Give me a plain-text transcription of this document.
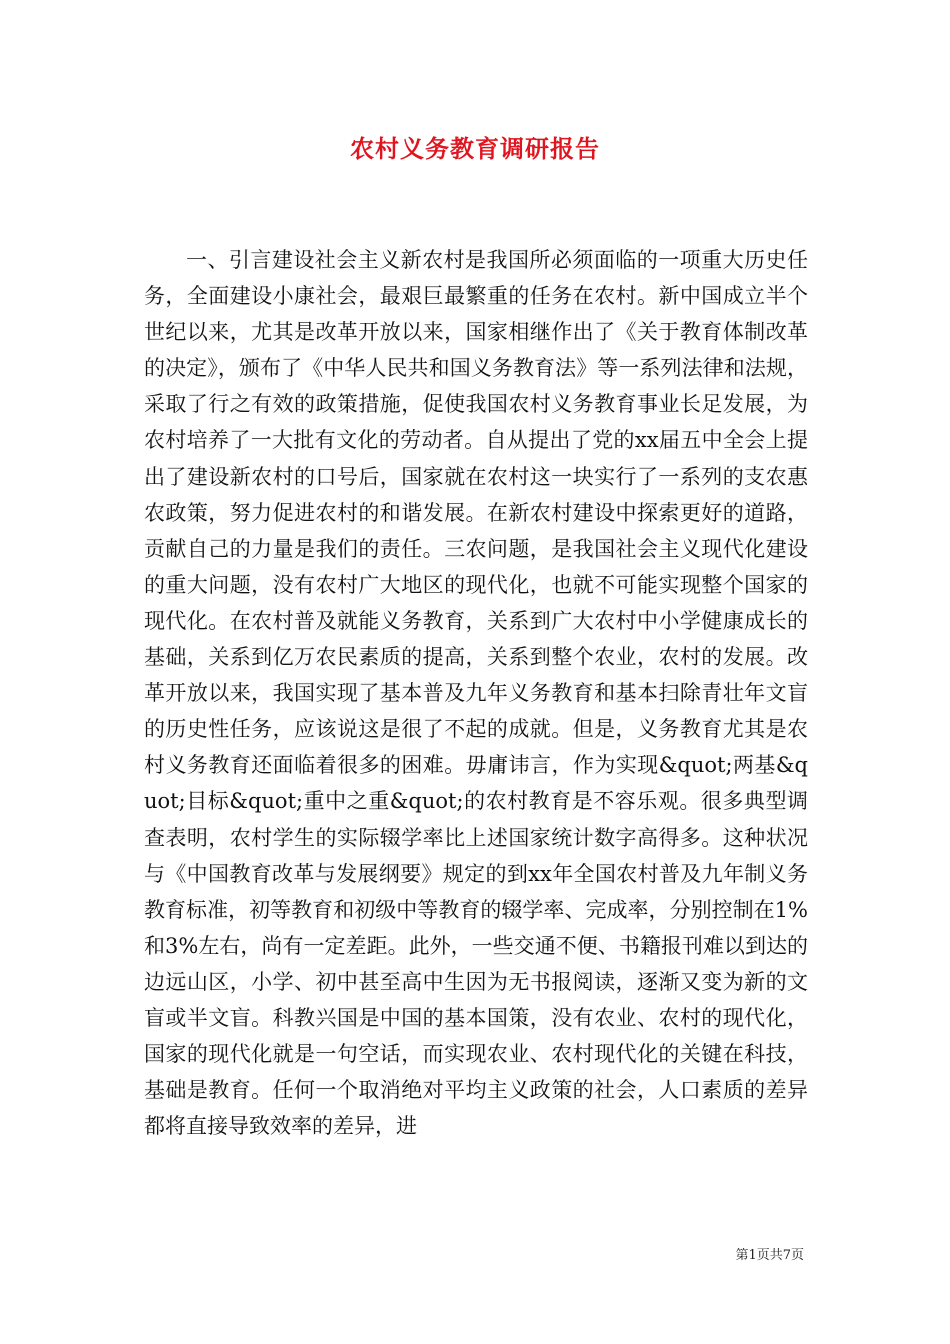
农村义务教育调研报告

一、引言建设社会主义新农村是我国所必须面临的一项重大历史任务，全面建设小康社会，最艰巨最繁重的任务在农村。新中国成立半个世纪以来，尤其是改革开放以来，国家相继作出了《关于教育体制改革的决定》，颁布了《中华人民共和国义务教育法》等一系列法律和法规，采取了行之有效的政策措施，促使我国农村义务教育事业长足发展，为农村培养了一大批有文化的劳动者。自从提出了党的xx届五中全会上提出了建设新农村的口号后，国家就在农村这一块实行了一系列的支农惠农政策，努力促进农村的和谐发展。在新农村建设中探索更好的道路，贡献自己的力量是我们的责任。三农问题，是我国社会主义现代化建设的重大问题，没有农村广大地区的现代化，也就不可能实现整个国家的现代化。在农村普及就能义务教育，关系到广大农村中小学健康成长的基础，关系到亿万农民素质的提高，关系到整个农业，农村的发展。改革开放以来，我国实现了基本普及九年义务教育和基本扫除青壮年文盲的历史性任务，应该说这是很了不起的成就。但是，义务教育尤其是农村义务教育还面临着很多的困难。毋庸讳言，作为实现&quot;两基&quot;目标&quot;重中之重&quot;的农村教育是不容乐观。很多典型调查表明，农村学生的实际辍学率比上述国家统计数字高得多。这种状况与《中国教育改革与发展纲要》规定的到xx年全国农村普及九年制义务教育标准，初等教育和初级中等教育的辍学率、完成率，分别控制在1%和3%左右，尚有一定差距。此外，一些交通不便、书籍报刊难以到达的边远山区，小学、初中甚至高中生因为无书报阅读，逐渐又变为新的文盲或半文盲。科教兴国是中国的基本国策，没有农业、农村的现代化，国家的现代化就是一句空话，而实现农业、农村现代化的关键在科技，基础是教育。任何一个取消绝对平均主义政策的社会，人口素质的差异都将直接导致效率的差异，进

第1页共7页
